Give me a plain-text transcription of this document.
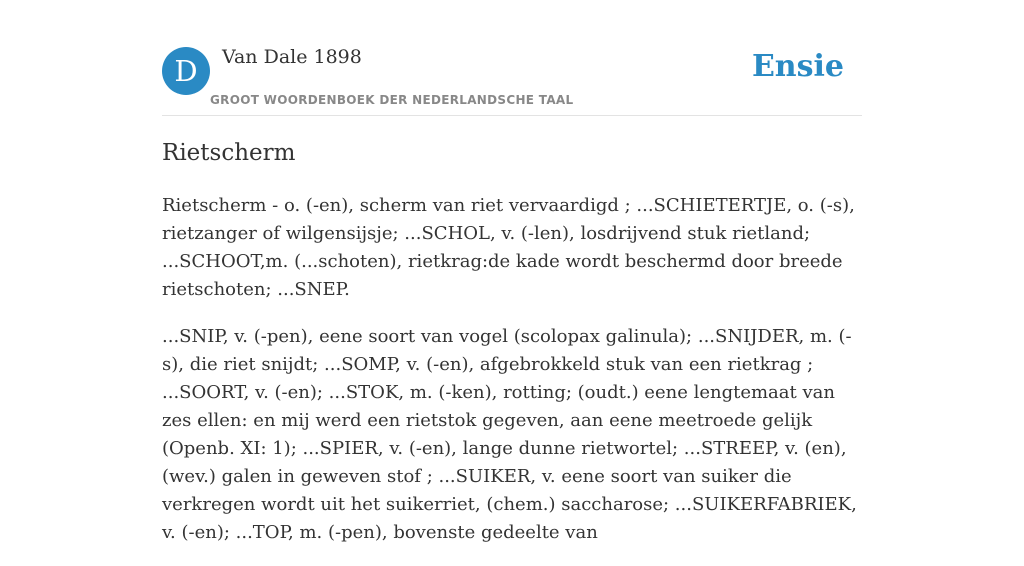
D	Van Dale 1898
GROOT WOORDENBOEK DER NEDERLANDSCHE TAAL
Ensie
Rietscherm

Rietscherm - o. (-en), scherm van riet vervaardigd ; ...SCHIETERTJE, o. (-s), rietzanger of wilgensijsje; ...SCHOL, v. (-len), losdrijvend stuk rietland; ...SCHOOT,m. (...schoten), rietkrag:de kade wordt beschermd door breede rietschoten; ...SNEP.

...SNIP, v. (-pen), eene soort van vogel (scolopax galinula); ...SNIJDER, m. (-s), die riet snijdt; ...SOMP, v. (-en), afgebrokkeld stuk van een rietkrag ; ...SOORT, v. (-en); ...STOK, m. (-ken), rotting; (oudt.) eene lengtemaat van zes ellen: en mij werd een rietstok gegeven, aan eene meetroede gelijk (Openb. XI: 1); ...SPIER, v. (-en), lange dunne rietwortel; ...STREEP, v. (en), (wev.) galen in geweven stof ; ...SUIKER, v. eene soort van suiker die verkregen wordt uit het suikerriet, (chem.) saccharose; ...SUIKERFABRIEK, v. (-en); ...TOP, m. (-pen), bovenste gedeelte van
